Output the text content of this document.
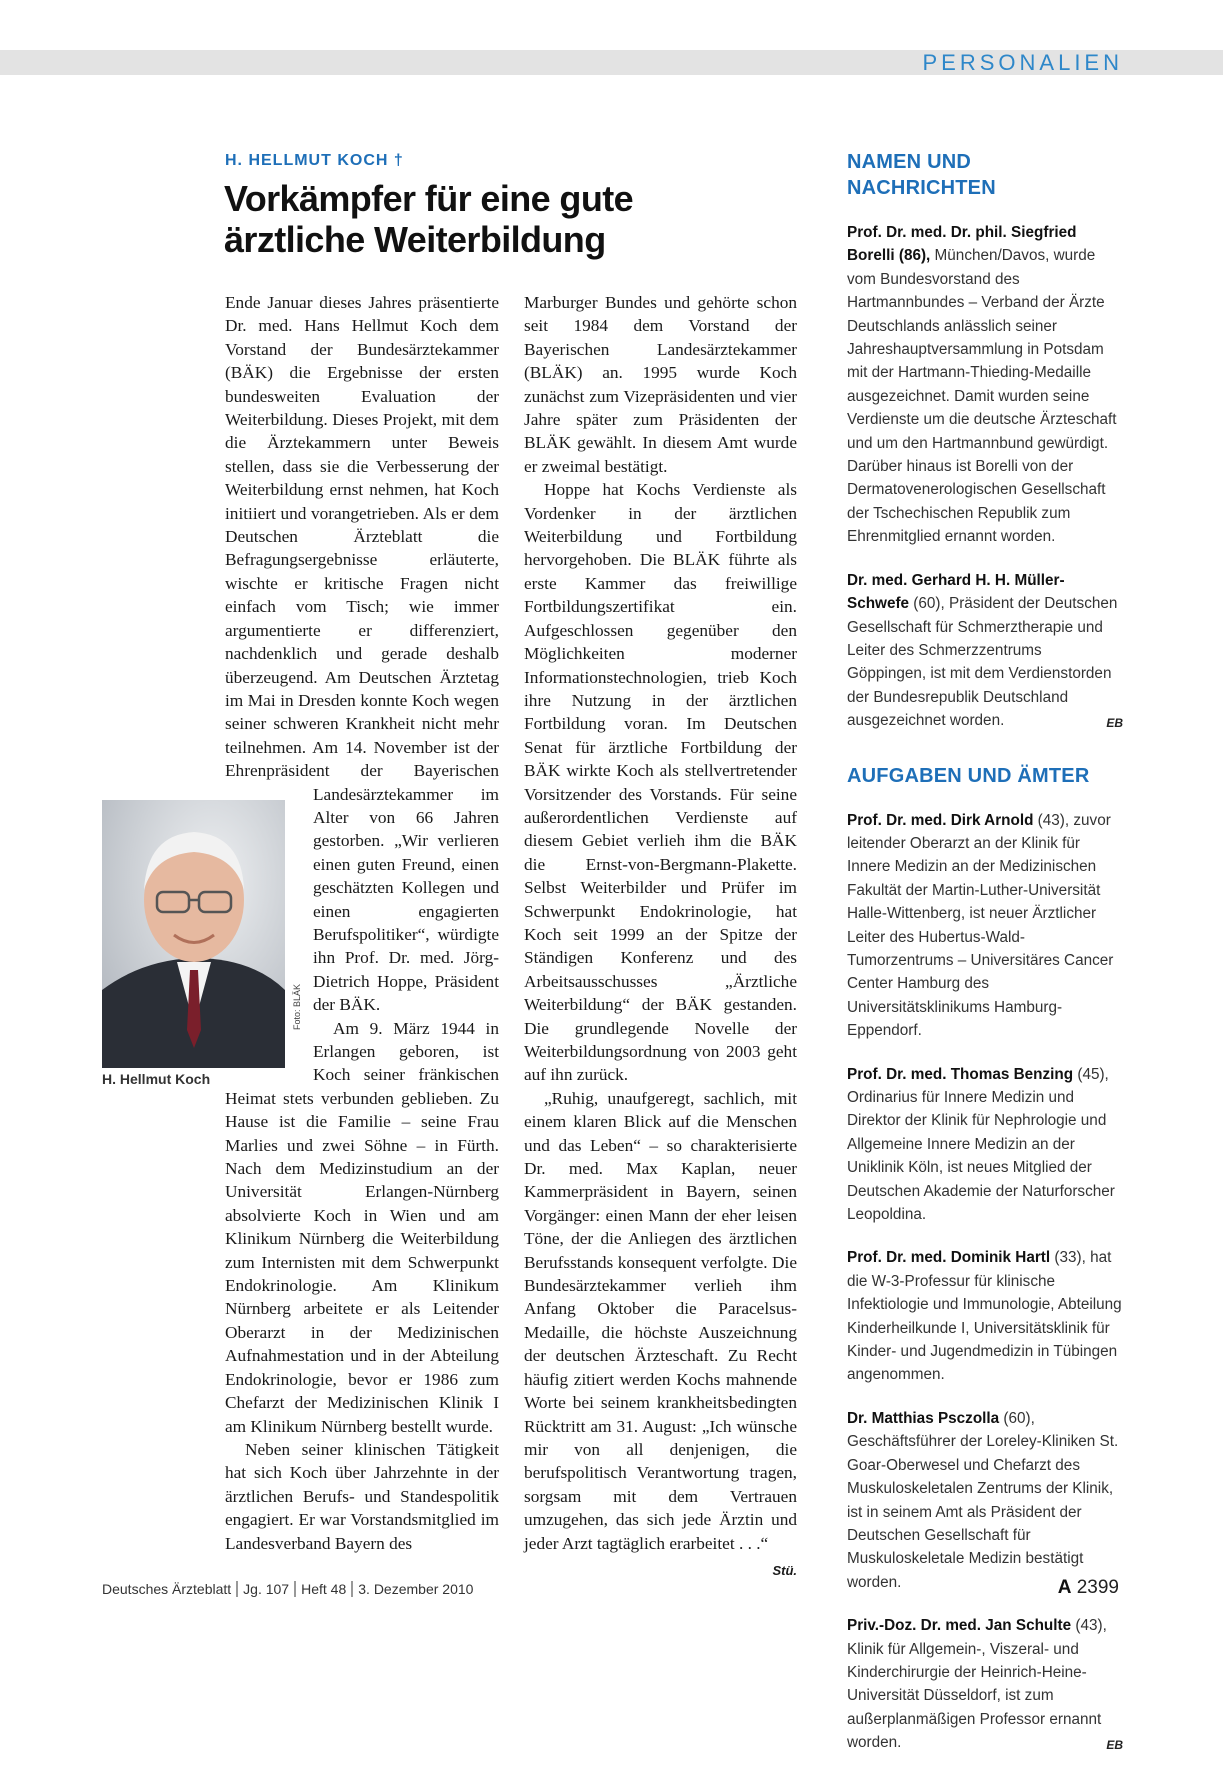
PERSONALIEN
H. HELLMUT KOCH †
Vorkämpfer für eine gute ärztliche Weiterbildung

Ende Januar dieses Jahres präsentierte Dr. med. Hans Hellmut Koch dem Vorstand der Bundesärztekammer (BÄK) die Ergebnisse der ersten bundesweiten Evaluation der Weiterbildung. Dieses Projekt, mit dem die Ärztekammern unter Beweis stellen, dass sie die Verbesserung der Weiterbildung ernst nehmen, hat Koch initiiert und vorangetrieben. Als er dem Deutschen Ärzteblatt die Befragungsergebnisse erläuterte, wischte er kritische Fragen nicht einfach vom Tisch; wie immer argumentierte er differenziert, nachdenklich und gerade deshalb überzeugend. Am Deutschen Ärztetag im Mai in Dresden konnte Koch wegen seiner schweren Krankheit nicht mehr teilnehmen. Am 14. November ist der Ehrenpräsident der Bayerischen Landesärztekammer
im Alter von 66 Jahren gestorben. „Wir verlieren einen guten Freund, einen geschätzten Kollegen und einen engagierten Berufspolitiker“, würdigte ihn Prof. Dr. med. Jörg-Dietrich Hoppe, Präsident der BÄK.

Am 9. März 1944 in Erlangen geboren, ist Koch seiner fränkischen Heimat stets verbunden geblieben. Zu Hause ist die Familie – seine Frau Marlies und zwei Söhne – in Fürth. Nach dem Medizinstudium an der Universität Erlangen-Nürnberg absolvierte Koch in Wien und am Klinikum Nürnberg die Weiterbildung zum Internisten mit dem Schwerpunkt Endokrinologie. Am Klinikum Nürnberg arbeitete er als Leitender Oberarzt in der Medizinischen Aufnahmestation und in der Abteilung Endokrinologie, bevor er 1986 zum Chefarzt der Medizinischen Klinik I am Klinikum Nürnberg bestellt wurde.

Neben seiner klinischen Tätigkeit hat sich Koch über Jahrzehnte in der ärztlichen Berufs- und Standespolitik engagiert. Er war Vorstandsmitglied im Landesverband Bayern des

Marburger Bundes und gehörte schon seit 1984 dem Vorstand der Bayerischen Landesärztekammer (BLÄK) an. 1995 wurde Koch zunächst zum Vizepräsidenten und vier Jahre später zum Präsidenten der BLÄK gewählt. In diesem Amt wurde er zweimal bestätigt.

Hoppe hat Kochs Verdienste als Vordenker in der ärztlichen Weiterbildung und Fortbildung hervorgehoben. Die BLÄK führte als erste Kammer das freiwillige Fortbildungszertifikat ein. Aufgeschlossen gegenüber den Möglichkeiten moderner Informationstechnologien, trieb Koch ihre Nutzung in der ärztlichen Fortbildung voran. Im Deutschen Senat für ärztliche Fortbildung der BÄK wirkte Koch als stellvertretender Vorsitzender des Vorstands. Für seine außerordentlichen Verdienste auf diesem Gebiet verlieh ihm die BÄK die Ernst-von-Bergmann-Plakette. Selbst Weiterbilder und Prüfer im Schwerpunkt Endokrinologie, hat Koch seit 1999 an der Spitze der Ständigen Konferenz und des Arbeitsausschusses „Ärztliche Weiterbildung“ der BÄK gestanden. Die grundlegende Novelle der Weiterbildungsordnung von 2003 geht auf ihn zurück.

„Ruhig, unaufgeregt, sachlich, mit einem klaren Blick auf die Menschen und das Leben“ – so charakterisierte Dr. med. Max Kaplan, neuer Kammerpräsident in Bayern, seinen Vorgänger: einen Mann der eher leisen Töne, der die Anliegen des ärztlichen Berufsstands konsequent verfolgte. Die Bundesärztekammer verlieh ihm Anfang Oktober die Paracelsus-Medaille, die höchste Auszeichnung der deutschen Ärzteschaft. Zu Recht häufig zitiert werden Kochs mahnende Worte bei seinem krankheitsbedingten Rücktritt am 31. August: „Ich wünsche mir von all denjenigen, die berufspolitisch Verantwortung tragen, sorgsam mit dem Vertrauen umzugehen, das sich jede Ärztin und jeder Arzt tagtäglich erarbeitet . . .“
Stü.

Foto: BLÄK
H. Hellmut Koch
NAMEN UND NACHRICHTEN
Prof. Dr. med. Dr. phil. Siegfried Borelli (86), München/Davos, wurde vom Bundesvorstand des Hartmannbundes – Verband der Ärzte Deutschlands anlässlich seiner Jahreshauptversammlung in Potsdam mit der Hartmann-Thieding-Medaille ausgezeichnet. Damit wurden seine Verdienste um die deutsche Ärzteschaft und um den Hartmannbund gewürdigt. Darüber hinaus ist Borelli von der Dermatovenerologischen Gesellschaft der Tschechischen Republik zum Ehrenmitglied ernannt worden.
Dr. med. Gerhard H. H. Müller-Schwefe (60), Präsident der Deutschen Gesellschaft für Schmerztherapie und Leiter des Schmerzzentrums Göppingen, ist mit dem Verdienstorden der Bundesrepublik Deutschland ausgezeichnet worden.	EB
AUFGABEN UND ÄMTER
Prof. Dr. med. Dirk Arnold (43), zuvor leitender Oberarzt an der Klinik für Innere Medizin an der Medizinischen Fakultät der Martin-Luther-Universität Halle-Wittenberg, ist neuer Ärztlicher Leiter des Hubertus-Wald-Tumorzentrums – Universitäres Cancer Center Hamburg des Universitätsklinikums Hamburg-Eppendorf.
Prof. Dr. med. Thomas Benzing (45), Ordinarius für Innere Medizin und Direktor der Klinik für Nephrologie und Allgemeine Innere Medizin an der Uniklinik Köln, ist neues Mitglied der Deutschen Akademie der Naturforscher Leopoldina.
Prof. Dr. med. Dominik Hartl (33), hat die W-3-Professur für klinische Infektiologie und Immunologie, Abteilung Kinderheilkunde I, Universitätsklinik für Kinder- und Jugendmedizin in Tübingen angenommen.
Dr. Matthias Psczolla (60), Geschäftsführer der Loreley-Kliniken St. Goar-Oberwesel und Chefarzt des Muskuloskeletalen Zentrums der Klinik, ist in seinem Amt als Präsident der Deutschen Gesellschaft für Muskuloskeletale Medizin bestätigt worden.
Priv.-Doz. Dr. med. Jan Schulte (43), Klinik für Allgemein-, Viszeral- und Kinderchirurgie der Heinrich-Heine-Universität Düsseldorf, ist zum außerplanmäßigen Professor ernannt worden.	EB
Deutsches Ärzteblatt Jg. 107 Heft 48 3. Dezember 2010	A 2399
